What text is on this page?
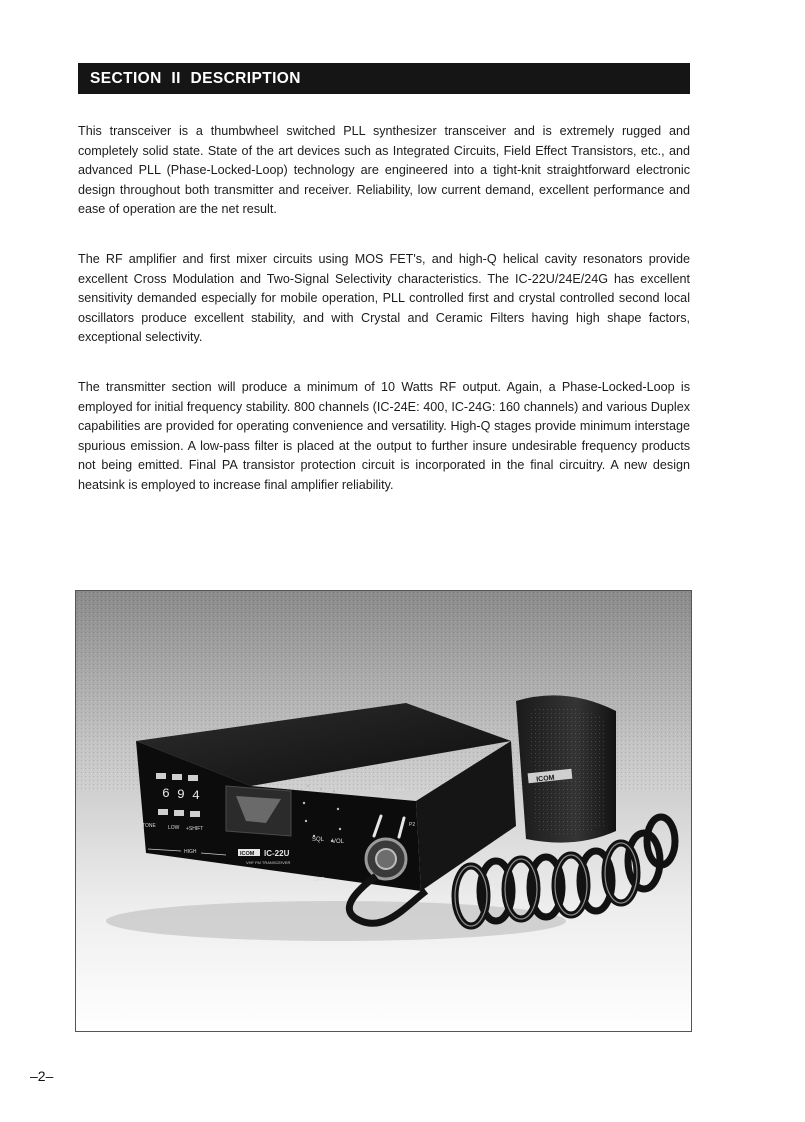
SECTION II DESCRIPTION

This transceiver is a thumbwheel switched PLL synthesizer transceiver and is extremely rugged and completely solid state. State of the art devices such as Integrated Circuits, Field Effect Transistors, etc., and advanced PLL (Phase-Locked-Loop) technology are engineered into a tight-knit straightforward electronic design throughout both transmitter and receiver. Reliability, low current demand, excellent performance and ease of operation are the net result.

The RF amplifier and first mixer circuits using MOS FET's, and high-Q helical cavity resonators provide excellent Cross Modulation and Two-Signal Selectivity characteristics. The IC-22U/24E/24G has excellent sensitivity demanded especially for mobile operation, PLL controlled first and crystal controlled second local oscillators produce excellent stability, and with Crystal and Ceramic Filters having high shape factors, exceptional selectivity.

The transmitter section will produce a minimum of 10 Watts RF output. Again, a Phase-Locked-Loop is employed for initial frequency stability. 800 channels (IC-24E: 400, IC-24G: 160 channels) and various Duplex capabilities are provided for operating convenience and versatility. High-Q stages provide minimum interstage spurious emission. A low-pass filter is placed at the output to further insure undesirable frequency products not being emitted. Final PA transistor protection circuit is incorporated in the final circuitry. A new design heatsink is employed to increase final amplifier reliability.

6 9 4
TONE LOW +SHIFT
HIGH
SQL VOL
OFF
+500 DUP
P2
ICOM IC-22U
VHF FM TRANSCEIVER
ICOM
–2–
